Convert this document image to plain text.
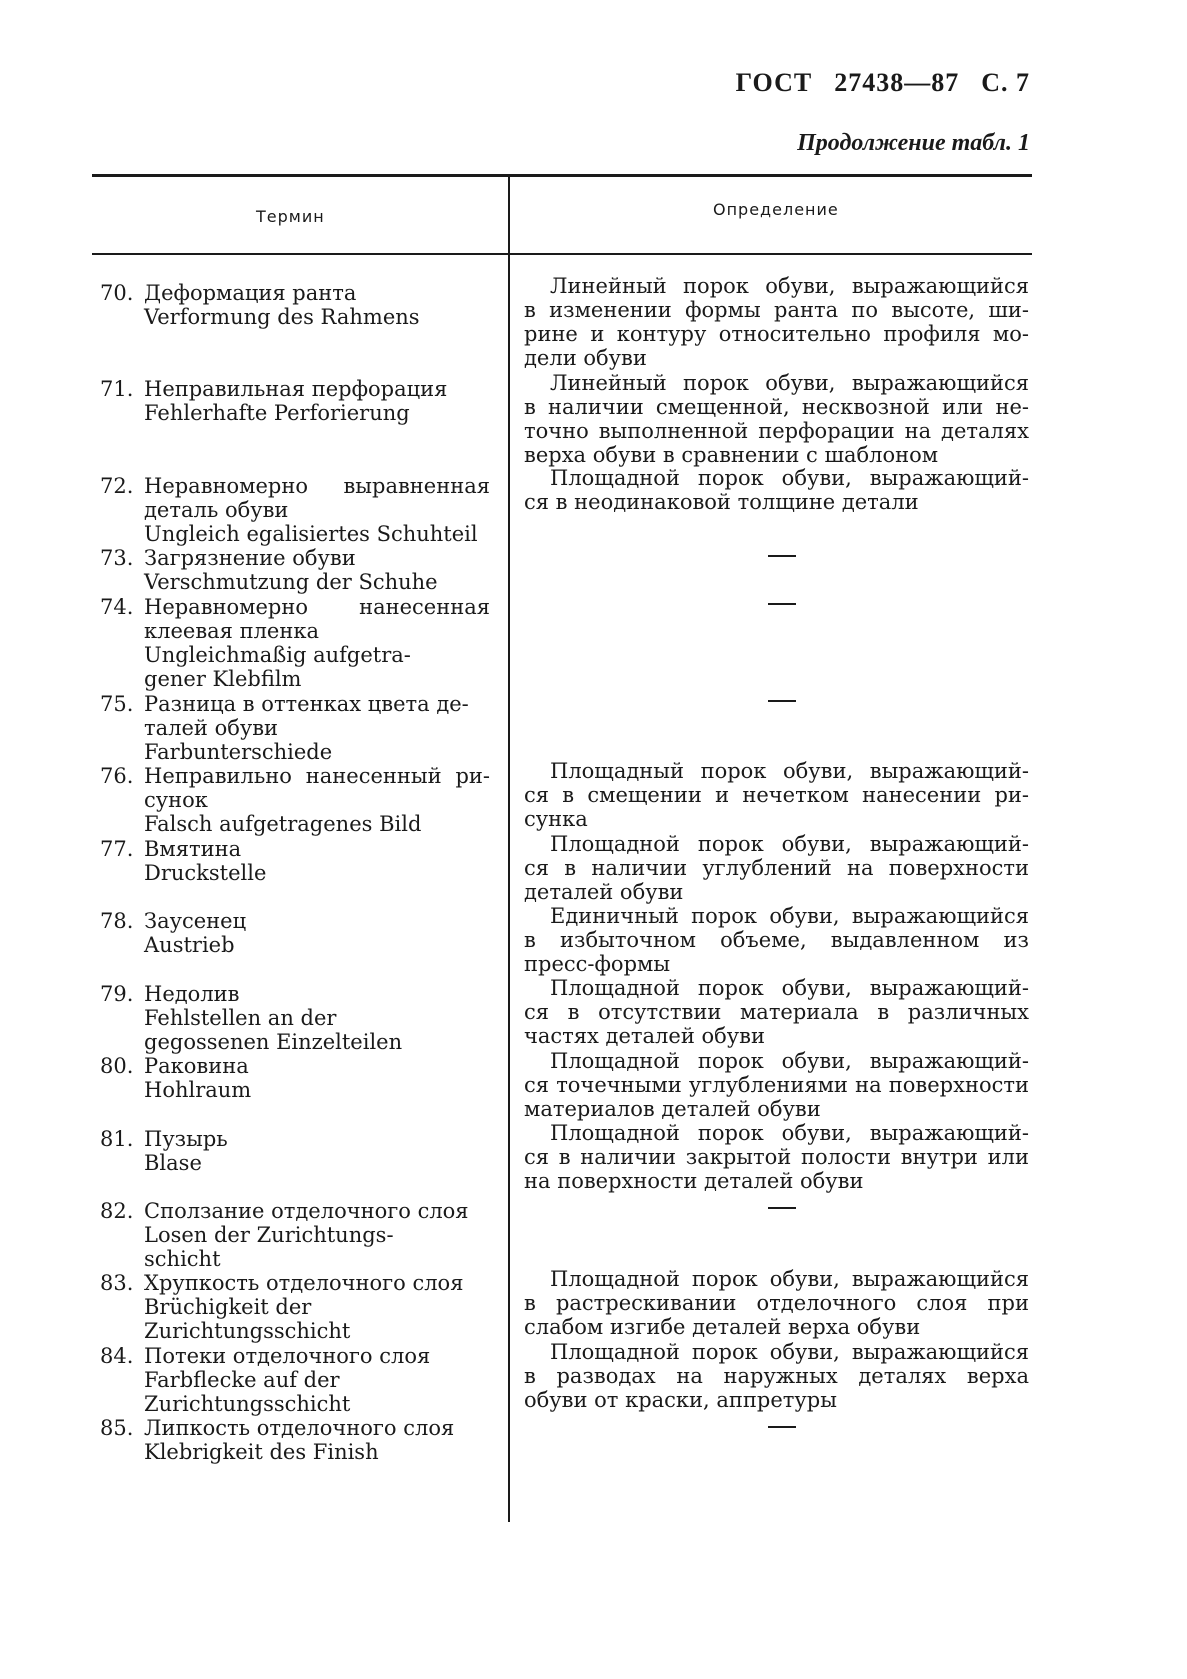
ГОСТ 27438—87 С. 7
Продолжение табл. 1
Термин	Определение
70. Деформация ранта
Verformung des Rahmens
Линейный порок обуви, выражающийся
в изменении формы ранта по высоте, ши-
рине и контуру относительно профиля мо-
дели обуви
71. Неправильная перфорация
Fehlerhafte Perforierung
Линейный порок обуви, выражающийся
в наличии смещенной, несквозной или не-
точно выполненной перфорации на деталях
верха обуви в сравнении с шаблоном
72. Неравномерно выравненная
деталь обуви
Ungleich egalisiertes Schuhteil
Площадной порок обуви, выражающий-
ся в неодинаковой толщине детали
73. Загрязнение обуви
Verschmutzung der Schuhe
74. Неравномерно нанесенная
клеевая пленка
Ungleichmaßig aufgetra-
gener Klebfilm
75. Разница в оттенках цвета де-
талей обуви
Farbunterschiede
76. Неправильно нанесенный ри-
сунок
Falsch aufgetragenes Bild
Площадный порок обуви, выражающий-
ся в смещении и нечетком нанесении ри-
сунка
77. Вмятина
Druckstelle
Площадной порок обуви, выражающий-
ся в наличии углублений на поверхности
деталей обуви
78. Заусенец
Austrieb
Единичный порок обуви, выражающийся
в избыточном объеме, выдавленном из
пресс-формы
79. Недолив
Fehlstellen an der
gegossenen Einzelteilen
Площадной порок обуви, выражающий-
ся в отсутствии материала в различных
частях деталей обуви
80. Раковина
Hohlraum
Площадной порок обуви, выражающий-
ся точечными углублениями на поверхности
материалов деталей обуви
81. Пузырь
Blase
Площадной порок обуви, выражающий-
ся в наличии закрытой полости внутри или
на поверхности деталей обуви
82. Сползание отделочного слоя
Losen der Zurichtungs-
schicht
83. Хрупкость отделочного слоя
Brüchigkeit der
Zurichtungsschicht
Площадной порок обуви, выражающийся
в растрескивании отделочного слоя при
слабом изгибе деталей верха обуви
84. Потеки отделочного слоя
Farbflecke auf der
Zurichtungsschicht
Площадной порок обуви, выражающийся
в разводах на наружных деталях верха
обуви от краски, аппретуры
85. Липкость отделочного слоя
Klebrigkeit des Finish
